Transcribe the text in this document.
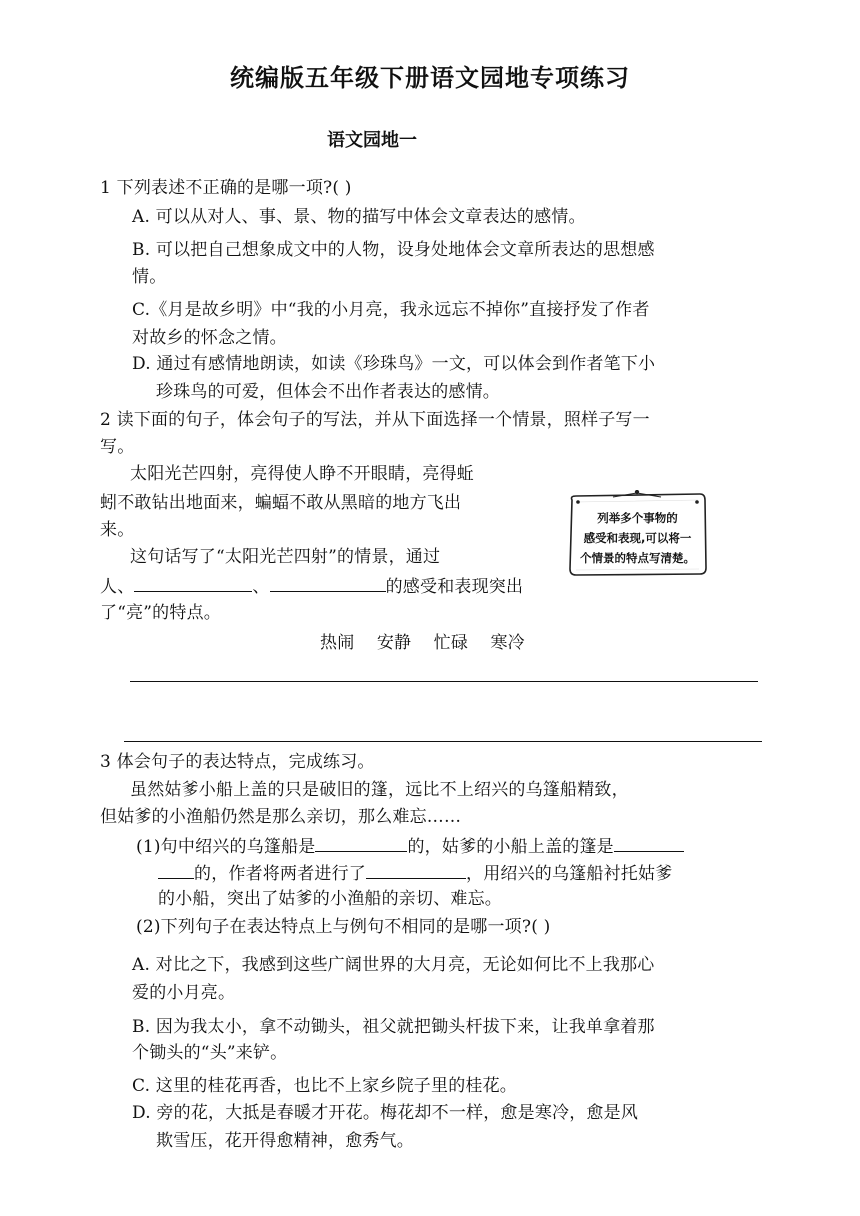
统编版五年级下册语文园地专项练习
语文园地一
1 下列表述不正确的是哪一项?( )
A. 可以从对人、事、景、物的描写中体会文章表达的感情。
B. 可以把自己想象成文中的人物，设身处地体会文章所表达的思想感
情。
C.《月是故乡明》中“我的小月亮，我永远忘不掉你”直接抒发了作者
对故乡的怀念之情。
D. 通过有感情地朗读，如读《珍珠鸟》一文，可以体会到作者笔下小
珍珠鸟的可爱，但体会不出作者表达的感情。
2 读下面的句子，体会句子的写法，并从下面选择一个情景，照样子写一
写。
太阳光芒四射，亮得使人睁不开眼睛，亮得蚯
蚓不敢钻出地面来，蝙蝠不敢从黑暗的地方飞出
来。
这句话写了“太阳光芒四射”的情景，通过
人、	、	的感受和表现突出
了“亮”的特点。
热闹    安静    忙碌    寒冷
列举多个事物的
感受和表现,可以将一
个情景的特点写清楚。
3 体会句子的表达特点，完成练习。
虽然姑爹小船上盖的只是破旧的篷，远比不上绍兴的乌篷船精致，
但姑爹的小渔船仍然是那么亲切，那么难忘……
(1)句中绍兴的乌篷船是	的，姑爹的小船上盖的篷是
的，作者将两者进行了	，用绍兴的乌篷船衬托姑爹
的小船，突出了姑爹的小渔船的亲切、难忘。
(2)下列句子在表达特点上与例句不相同的是哪一项?( )
A. 对比之下，我感到这些广阔世界的大月亮，无论如何比不上我那心
爱的小月亮。
B. 因为我太小，拿不动锄头，祖父就把锄头杆拔下来，让我单拿着那
个锄头的“头”来铲。
C. 这里的桂花再香，也比不上家乡院子里的桂花。
D. 旁的花，大抵是春暖才开花。梅花却不一样，愈是寒冷，愈是风
欺雪压，花开得愈精神，愈秀气。
